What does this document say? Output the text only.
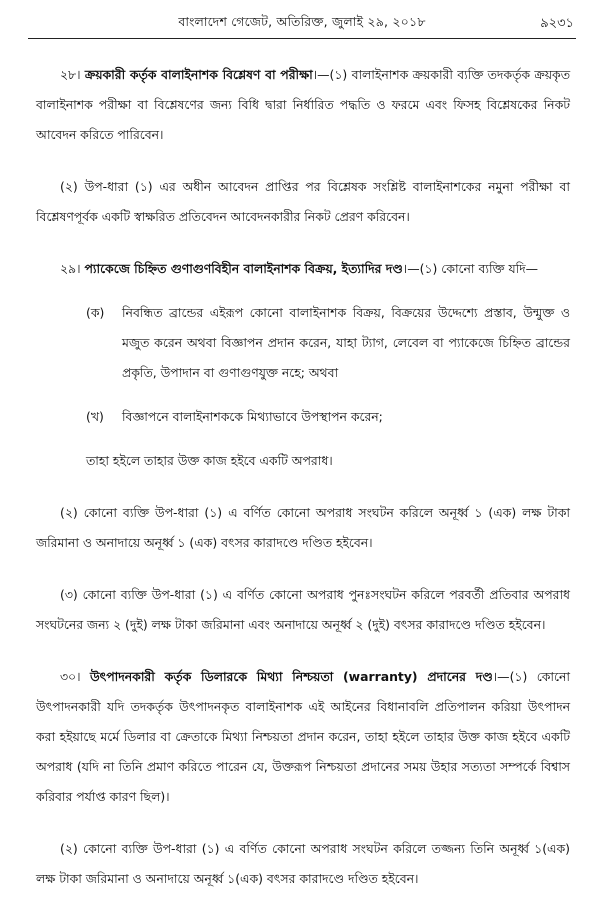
বাংলাদেশ গেজেট, অতিরিক্ত, জুলাই ২৯, ২০১৮	৯২৩১

২৮। ক্রয়কারী কর্তৃক বালাইনাশক বিশ্লেষণ বা পরীক্ষা।—(১) বালাইনাশক ক্রয়কারী ব্যক্তি তদকর্তৃক ক্রয়কৃত বালাইনাশক পরীক্ষা বা বিশ্লেষণের জন্য বিধি দ্বারা নির্ধারিত পদ্ধতি ও ফরমে এবং ফিসহ বিশ্লেষকের নিকট আবেদন করিতে পারিবেন।

(২) উপ-ধারা (১) এর অধীন আবেদন প্রাপ্তির পর বিশ্লেষক সংশ্লিষ্ট বালাইনাশকের নমুনা পরীক্ষা বা বিশ্লেষণপূর্বক একটি স্বাক্ষরিত প্রতিবেদন আবেদনকারীর নিকট প্রেরণ করিবেন।

২৯। প্যাকেজে চিহ্নিত গুণাগুণবিহীন বালাইনাশক বিক্রয়, ইত্যাদির দণ্ড।—(১) কোনো ব্যক্তি যদি—

(ক) নিবন্ধিত ব্রান্ডের এইরূপ কোনো বালাইনাশক বিক্রয়, বিক্রয়ের উদ্দেশ্যে প্রস্তাব, উন্মুক্ত ও মজুত করেন অথবা বিজ্ঞাপন প্রদান করেন, যাহা ট্যাগ, লেবেল বা প্যাকেজে চিহ্নিত ব্রান্ডের প্রকৃতি, উপাদান বা গুণাগুণযুক্ত নহে; অথবা
(খ) বিজ্ঞাপনে বালাইনাশককে মিথ্যাভাবে উপস্থাপন করেন;

তাহা হইলে তাহার উক্ত কাজ হইবে একটি অপরাধ।

(২) কোনো ব্যক্তি উপ-ধারা (১) এ বর্ণিত কোনো অপরাধ সংঘটন করিলে অনূর্ধ্ব ১ (এক) লক্ষ টাকা জরিমানা ও অনাদায়ে অনূর্ধ্ব ১ (এক) বৎসর কারাদণ্ডে দণ্ডিত হইবেন।

(৩) কোনো ব্যক্তি উপ-ধারা (১) এ বর্ণিত কোনো অপরাধ পুনঃসংঘটন করিলে পরবর্তী প্রতিবার অপরাধ সংঘটনের জন্য ২ (দুই) লক্ষ টাকা জরিমানা এবং অনাদায়ে অনূর্ধ্ব ২ (দুই) বৎসর কারাদণ্ডে দণ্ডিত হইবেন।

৩০। উৎপাদনকারী কর্তৃক ডিলারকে মিথ্যা নিশ্চয়তা (warranty) প্রদানের দণ্ড।—(১) কোনো উৎপাদনকারী যদি তদকর্তৃক উৎপাদনকৃত বালাইনাশক এই আইনের বিধানাবলি প্রতিপালন করিয়া উৎপাদন করা হইয়াছে মর্মে ডিলার বা ক্রেতাকে মিথ্যা নিশ্চয়তা প্রদান করেন, তাহা হইলে তাহার উক্ত কাজ হইবে একটি অপরাধ (যদি না তিনি প্রমাণ করিতে পারেন যে, উক্তরূপ নিশ্চয়তা প্রদানের সময় উহার সত্যতা সম্পর্কে বিশ্বাস করিবার পর্যাপ্ত কারণ ছিল)।

(২) কোনো ব্যক্তি উপ-ধারা (১) এ বর্ণিত কোনো অপরাধ সংঘটন করিলে তজ্জন্য তিনি অনূর্ধ্ব ১(এক) লক্ষ টাকা জরিমানা ও অনাদায়ে অনূর্ধ্ব ১(এক) বৎসর কারাদণ্ডে দণ্ডিত হইবেন।
